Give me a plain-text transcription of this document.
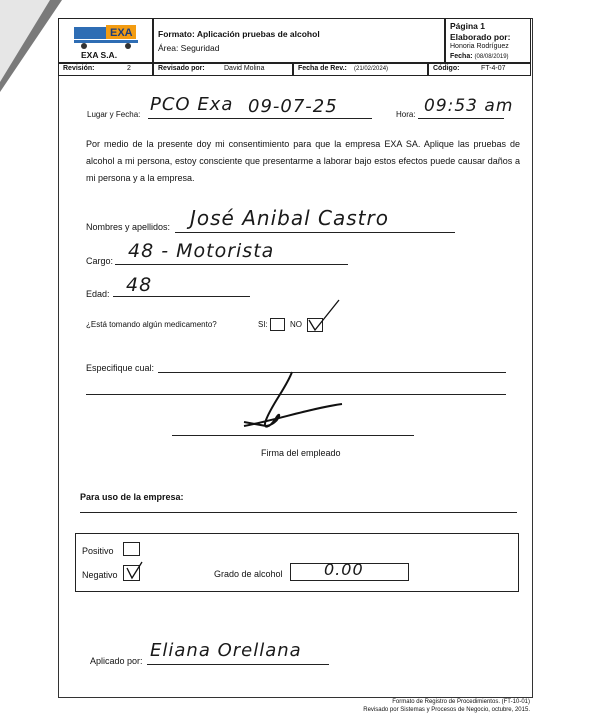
EXA
EXA S.A.
Formato: Aplicación pruebas de alcohol
Área: Seguridad
Página 1
Elaborado por:
Honoria Rodríguez
Fecha: (08/08/2019)
Revisión:	2	Revisado por:	David Molina	Fecha de Rev.: (21/02/2024)	Código:	FT-4-07
Lugar y Fecha: PCO Exa 09-07-25	Hora: 09:53 am
Por medio de la presente doy mi consentimiento para que la empresa EXA SA. Aplique las pruebas de alcohol a mi persona, estoy consciente que presentarme a laborar bajo estos efectos puede causar daños a mi persona y a la empresa.
Nombres y apellidos: José Anibal Castro
Cargo: 48 - Motorista
Edad: 48
¿Está tomando algún medicamento?	SI:	NO
Especifique cual:
Firma del empleado
Para uso de la empresa:
Positivo
Negativo	Grado de alcohol	0.00
Aplicado por: Eliana Orellana
Formato de Registro de Procedimientos. (FT-10-01)
Revisado por Sistemas y Procesos de Negocio, octubre, 2015.
